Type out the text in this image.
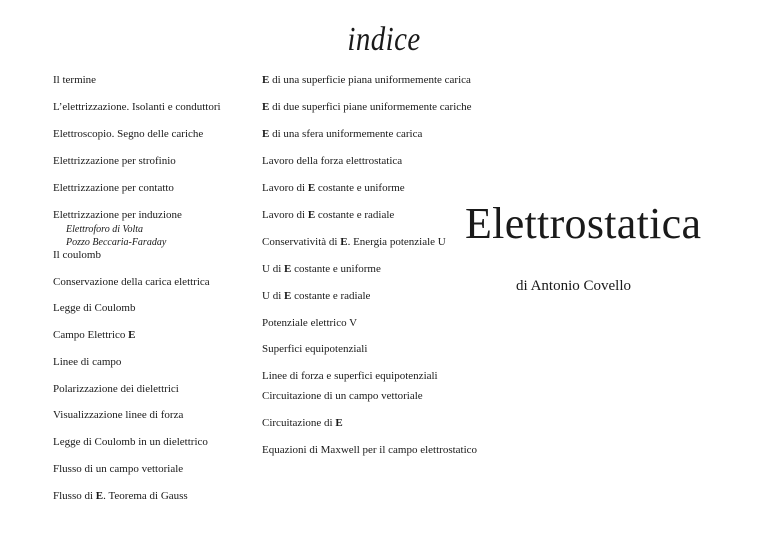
indice
Il termine
L’elettrizzazione. Isolanti e conduttori
Elettroscopio. Segno delle cariche
Elettrizzazione per strofinio
Elettrizzazione per contatto
Elettrizzazione per induzione
Elettroforo di Volta
Pozzo Beccaria-Faraday
Il coulomb
Conservazione della carica elettrica
Legge di Coulomb
Campo Elettrico E
Linee di campo
Polarizzazione dei dielettrici
Visualizzazione linee di forza
Legge di Coulomb in un dielettrico
Flusso di un campo vettoriale
Flusso di E. Teorema di Gauss
E di una superficie piana uniformemente carica
E di due superfici piane uniformemente cariche
E di una sfera uniformemente carica
Lavoro della forza elettrostatica
Lavoro di E costante e uniforme
Lavoro di E costante e radiale
Conservatività di E. Energia potenziale U
U di E costante e uniforme
U di E costante e radiale
Potenziale elettrico V
Superfici equipotenziali
Linee di forza e superfici equipotenziali
Circuitazione di un campo vettoriale
Circuitazione di E
Equazioni di Maxwell per il campo elettrostatico
Elettrostatica
di Antonio Covello
